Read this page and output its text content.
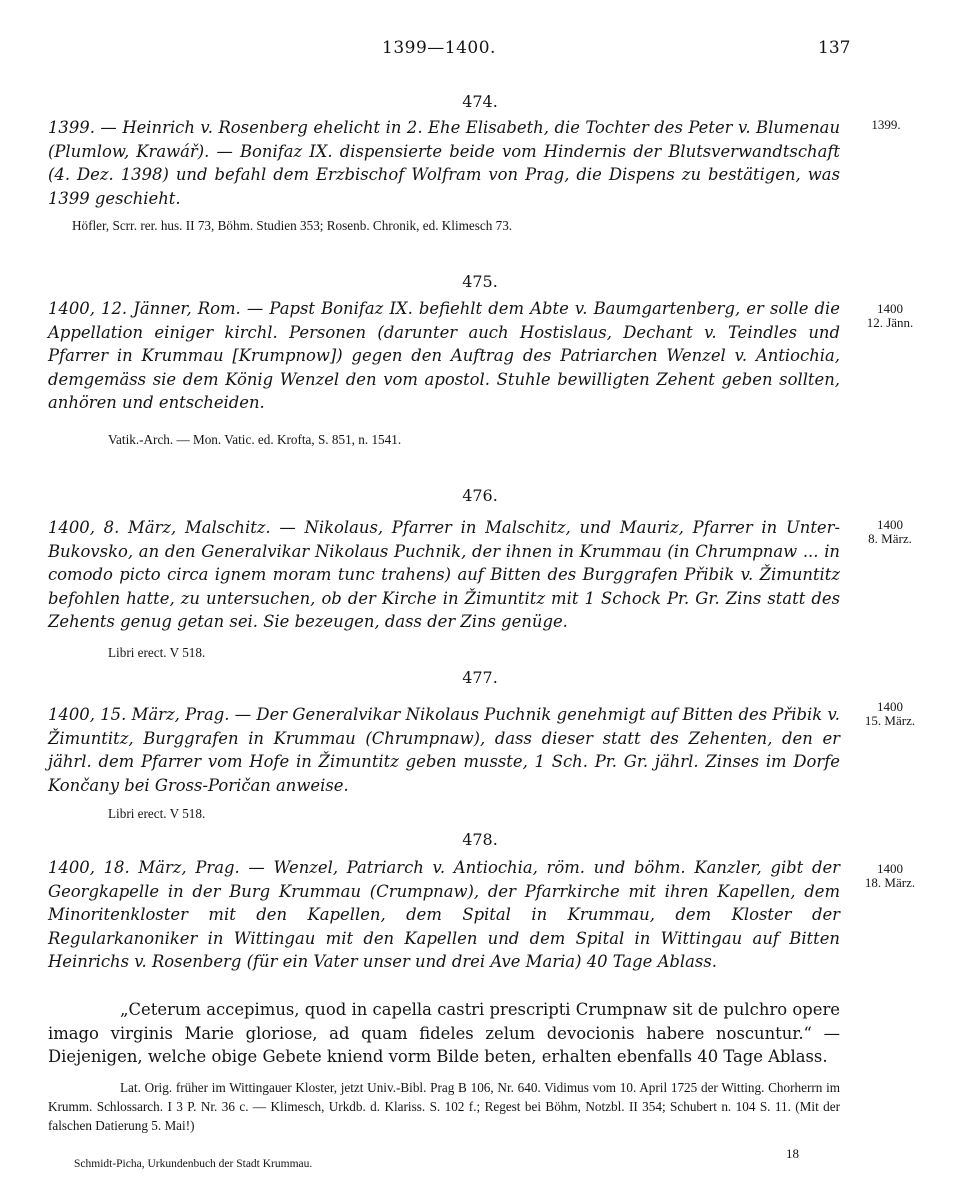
1399—1400.	137
474.
1399.
1399. — Heinrich v. Rosenberg ehelicht in 2. Ehe Elisabeth, die Tochter des Peter v. Blumenau (Plumlow, Krawář). — Bonifaz IX. dispensierte beide vom Hindernis der Blutsverwandtschaft (4. Dez. 1398) und befahl dem Erzbischof Wolfram von Prag, die Dispens zu bestätigen, was 1399 geschieht.
Höfler, Scrr. rer. hus. II 73, Böhm. Studien 353; Rosenb. Chronik, ed. Klimesch 73.
475.
1400
12. Jänn.
1400, 12. Jänner, Rom. — Papst Bonifaz IX. befiehlt dem Abte v. Baumgartenberg, er solle die Appellation einiger kirchl. Personen (darunter auch Hostislaus, Dechant v. Teindles und Pfarrer in Krummau [Krumpnow]) gegen den Auftrag des Patriarchen Wenzel v. Antiochia, demgemäss sie dem König Wenzel den vom apostol. Stuhle bewilligten Zehent geben sollten, anhören und entscheiden.
Vatik.-Arch. — Mon. Vatic. ed. Krofta, S. 851, n. 1541.
476.
1400
8. März.
1400, 8. März, Malschitz. — Nikolaus, Pfarrer in Malschitz, und Mauriz, Pfarrer in Unter-Bukovsko, an den Generalvikar Nikolaus Puchnik, der ihnen in Krummau (in Chrumpnaw ... in comodo picto circa ignem moram tunc trahens) auf Bitten des Burggrafen Přibik v. Žimuntitz befohlen hatte, zu untersuchen, ob der Kirche in Žimuntitz mit 1 Schock Pr. Gr. Zins statt des Zehents genug getan sei. Sie bezeugen, dass der Zins genüge.
Libri erect. V 518.
477.
1400
15. März.
1400, 15. März, Prag. — Der Generalvikar Nikolaus Puchnik genehmigt auf Bitten des Přibik v. Žimuntitz, Burggrafen in Krummau (Chrumpnaw), dass dieser statt des Zehenten, den er jährl. dem Pfarrer vom Hofe in Žimuntitz geben musste, 1 Sch. Pr. Gr. jährl. Zinses im Dorfe Končany bei Gross-Poričan anweise.
Libri erect. V 518.
478.
1400
18. März.
1400, 18. März, Prag. — Wenzel, Patriarch v. Antiochia, röm. und böhm. Kanzler, gibt der Georgkapelle in der Burg Krummau (Crumpnaw), der Pfarrkirche mit ihren Kapellen, dem Minoritenkloster mit den Kapellen, dem Spital in Krummau, dem Kloster der Regularkanoniker in Wittingau mit den Kapellen und dem Spital in Wittingau auf Bitten Heinrichs v. Rosenberg (für ein Vater unser und drei Ave Maria) 40 Tage Ablass.
„Ceterum accepimus, quod in capella castri prescripti Crumpnaw sit de pulchro opere imago virginis Marie gloriose, ad quam fideles zelum devocionis habere noscuntur.“ — Diejenigen, welche obige Gebete kniend vorm Bilde beten, erhalten ebenfalls 40 Tage Ablass.
Lat. Orig. früher im Wittingauer Kloster, jetzt Univ.-Bibl. Prag B 106, Nr. 640. Vidimus vom 10. April 1725 der Witting. Chorherrn im Krumm. Schlossarch. I 3 P. Nr. 36 c. — Klimesch, Urkdb. d. Klariss. S. 102 f.; Regest bei Böhm, Notzbl. II 354; Schubert n. 104 S. 11. (Mit der falschen Datierung 5. Mai!)
Schmidt-Picha, Urkundenbuch der Stadt Krummau.
18
